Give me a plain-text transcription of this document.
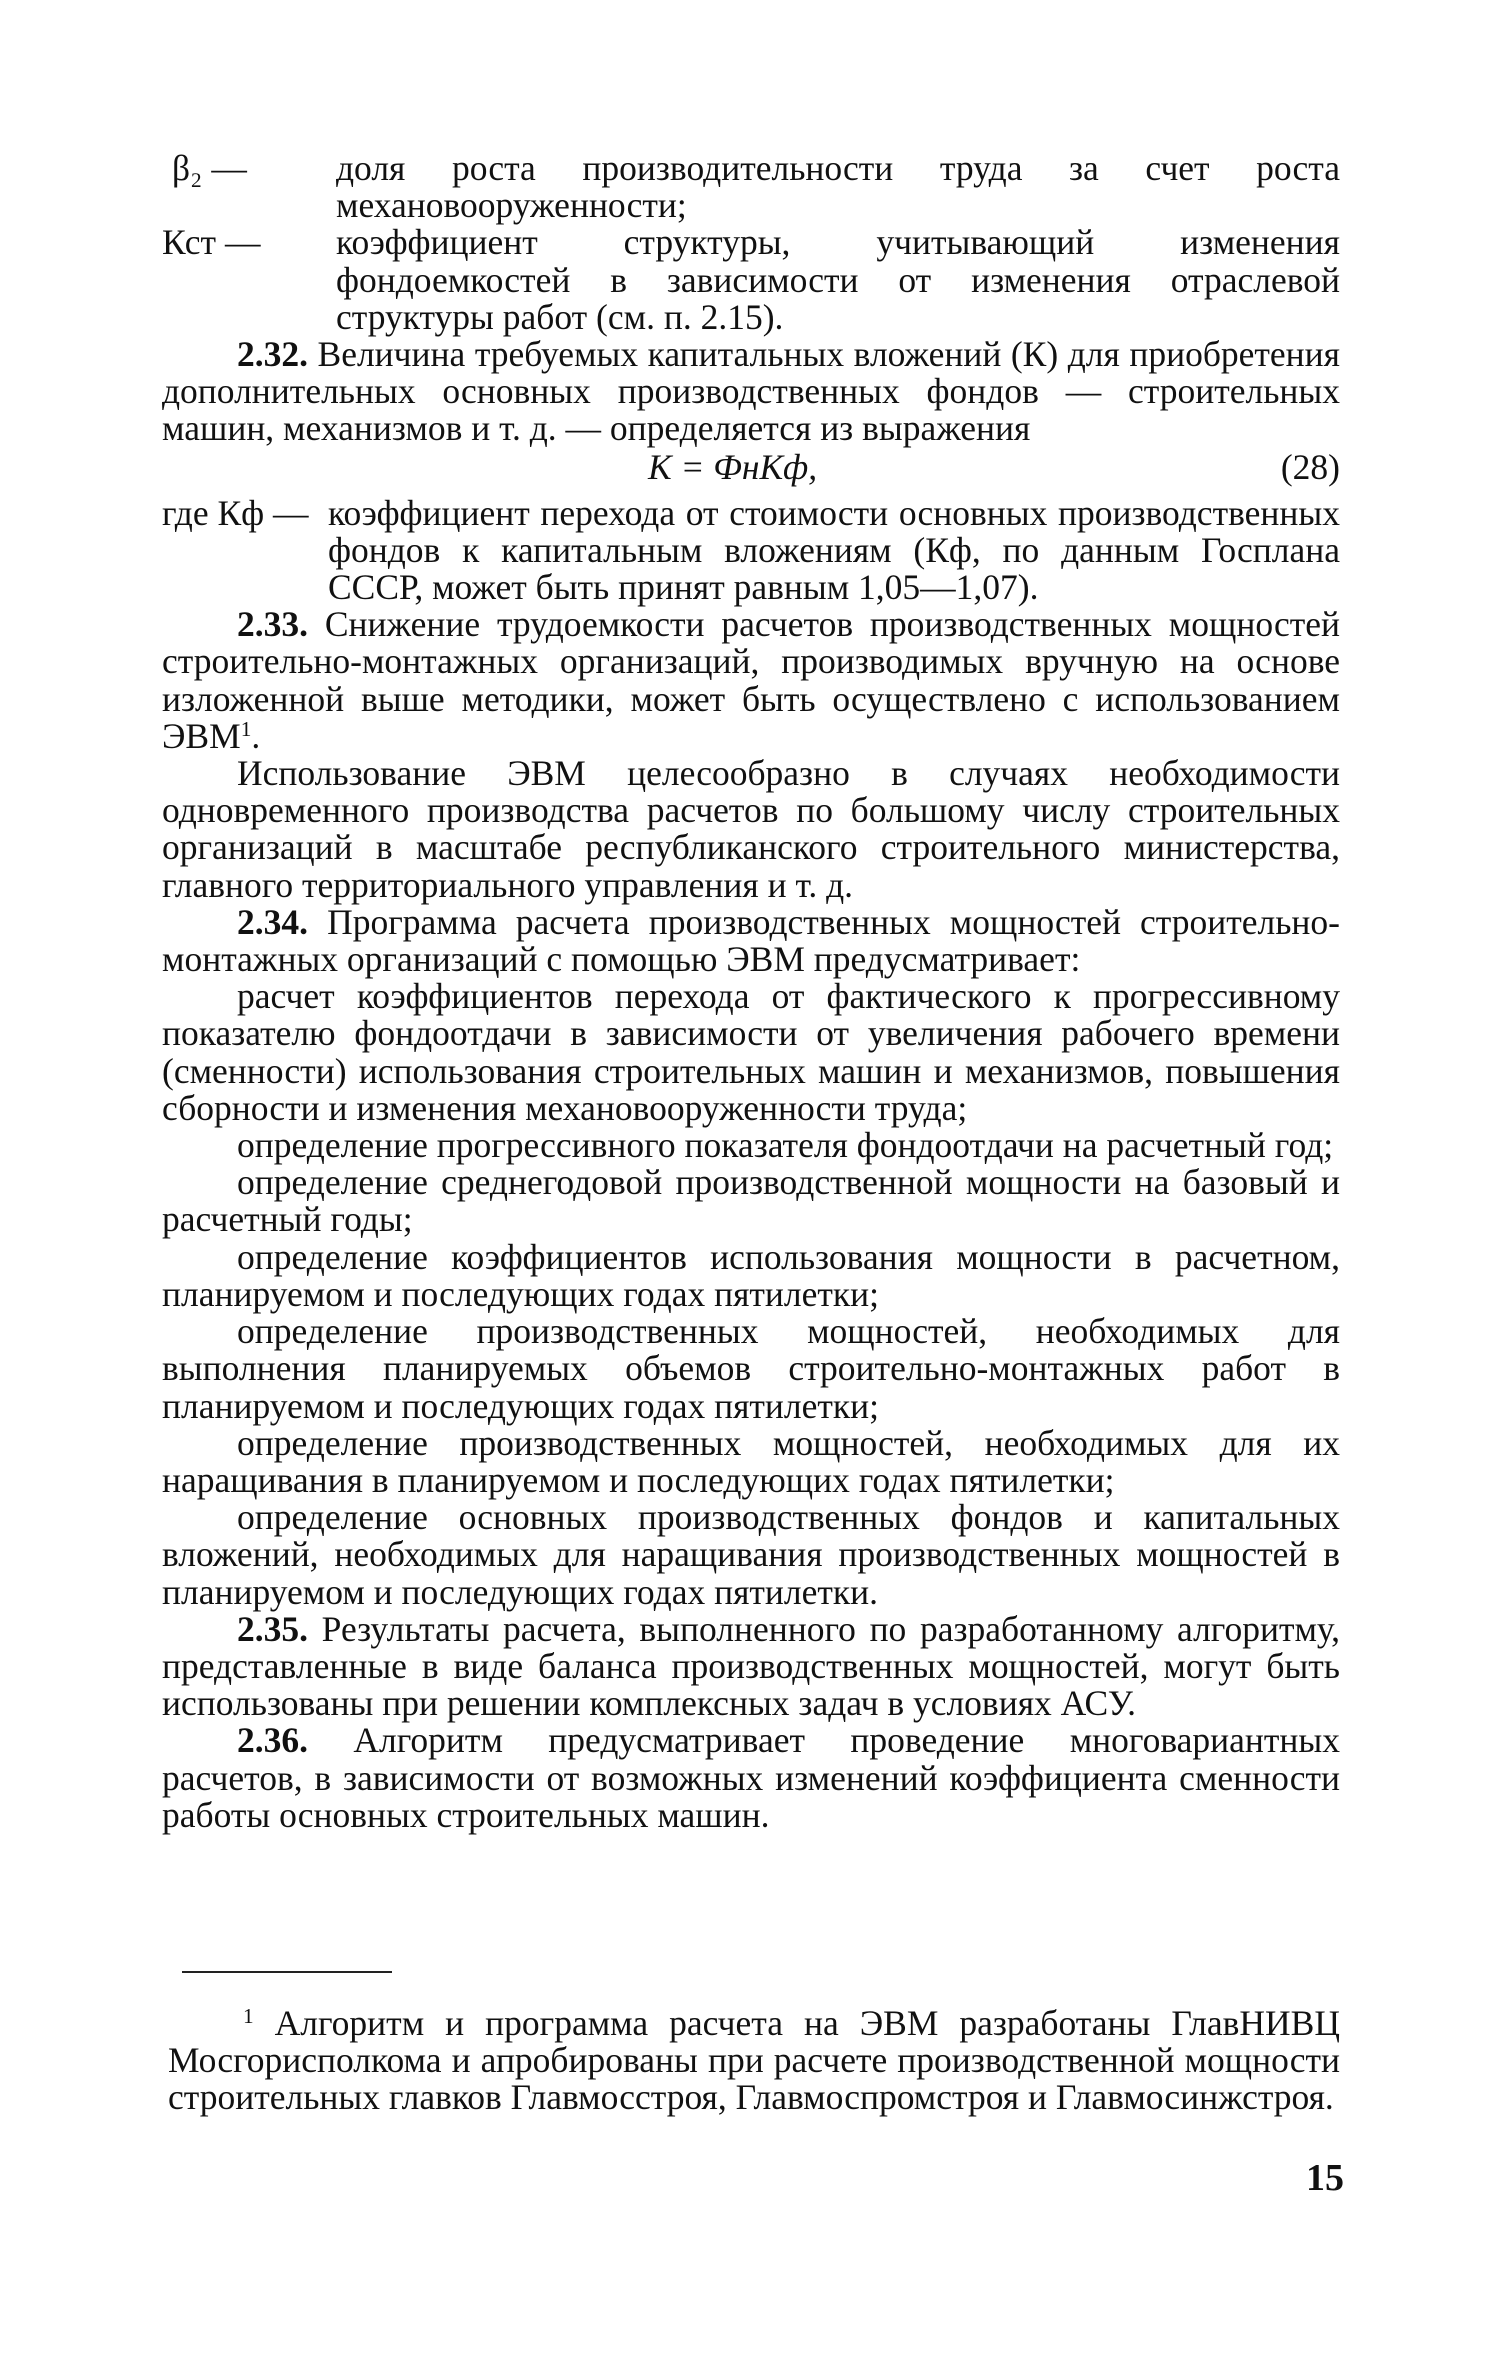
β₂ —	доля роста производительности труда за счет роста механовооруженности;

Кст —	коэффициент структуры, учитывающий изменения фондоемкостей в зависимости от изменения отраслевой структуры работ (см. п. 2.15).

2.32. Величина требуемых капитальных вложений (К) для приобретения дополнительных основных производственных фондов — строительных машин, механизмов и т. д. — определяется из выражения

К = ФнКф,	(28)

где Кф — коэффициент перехода от стоимости основных производственных фондов к капитальным вложениям (Кф, по данным Госплана СССР, может быть принят равным 1,05—1,07).

2.33. Снижение трудоемкости расчетов производственных мощностей строительно-монтажных организаций, производимых вручную на основе изложенной выше методики, может быть осуществлено с использованием ЭВМ$^1$.

Использование ЭВМ целесообразно в случаях необходимости одновременного производства расчетов по большому числу строительных организаций в масштабе республиканского строительного министерства, главного территориального управления и т. д.

2.34. Программа расчета производственных мощностей строительно-монтажных организаций с помощью ЭВМ предусматривает:

расчет коэффициентов перехода от фактического к прогрессивному показателю фондоотдачи в зависимости от увеличения рабочего времени (сменности) использования строительных машин и механизмов, повышения сборности и изменения механовооруженности труда;

определение прогрессивного показателя фондоотдачи на расчетный год;

определение среднегодовой производственной мощности на базовый и расчетный годы;

определение коэффициентов использования мощности в расчетном, планируемом и последующих годах пятилетки;

определение производственных мощностей, необходимых для выполнения планируемых объемов строительно-монтажных работ в планируемом и последующих годах пятилетки;

определение производственных мощностей, необходимых для их наращивания в планируемом и последующих годах пятилетки;

определение основных производственных фондов и капитальных вложений, необходимых для наращивания производственных мощностей в планируемом и последующих годах пятилетки.

2.35. Результаты расчета, выполненного по разработанному алгоритму, представленные в виде баланса производственных мощностей, могут быть использованы при решении комплексных задач в условиях АСУ.

2.36. Алгоритм предусматривает проведение многовариантных расчетов, в зависимости от возможных изменений коэффициента сменности работы основных строительных машин.

$^1$ Алгоритм и программа расчета на ЭВМ разработаны ГлавНИВЦ Мосгорисполкома и апробированы при расчете производственной мощности строительных главков Главмосстроя, Главмоспромстроя и Главмосинжстроя.

15
